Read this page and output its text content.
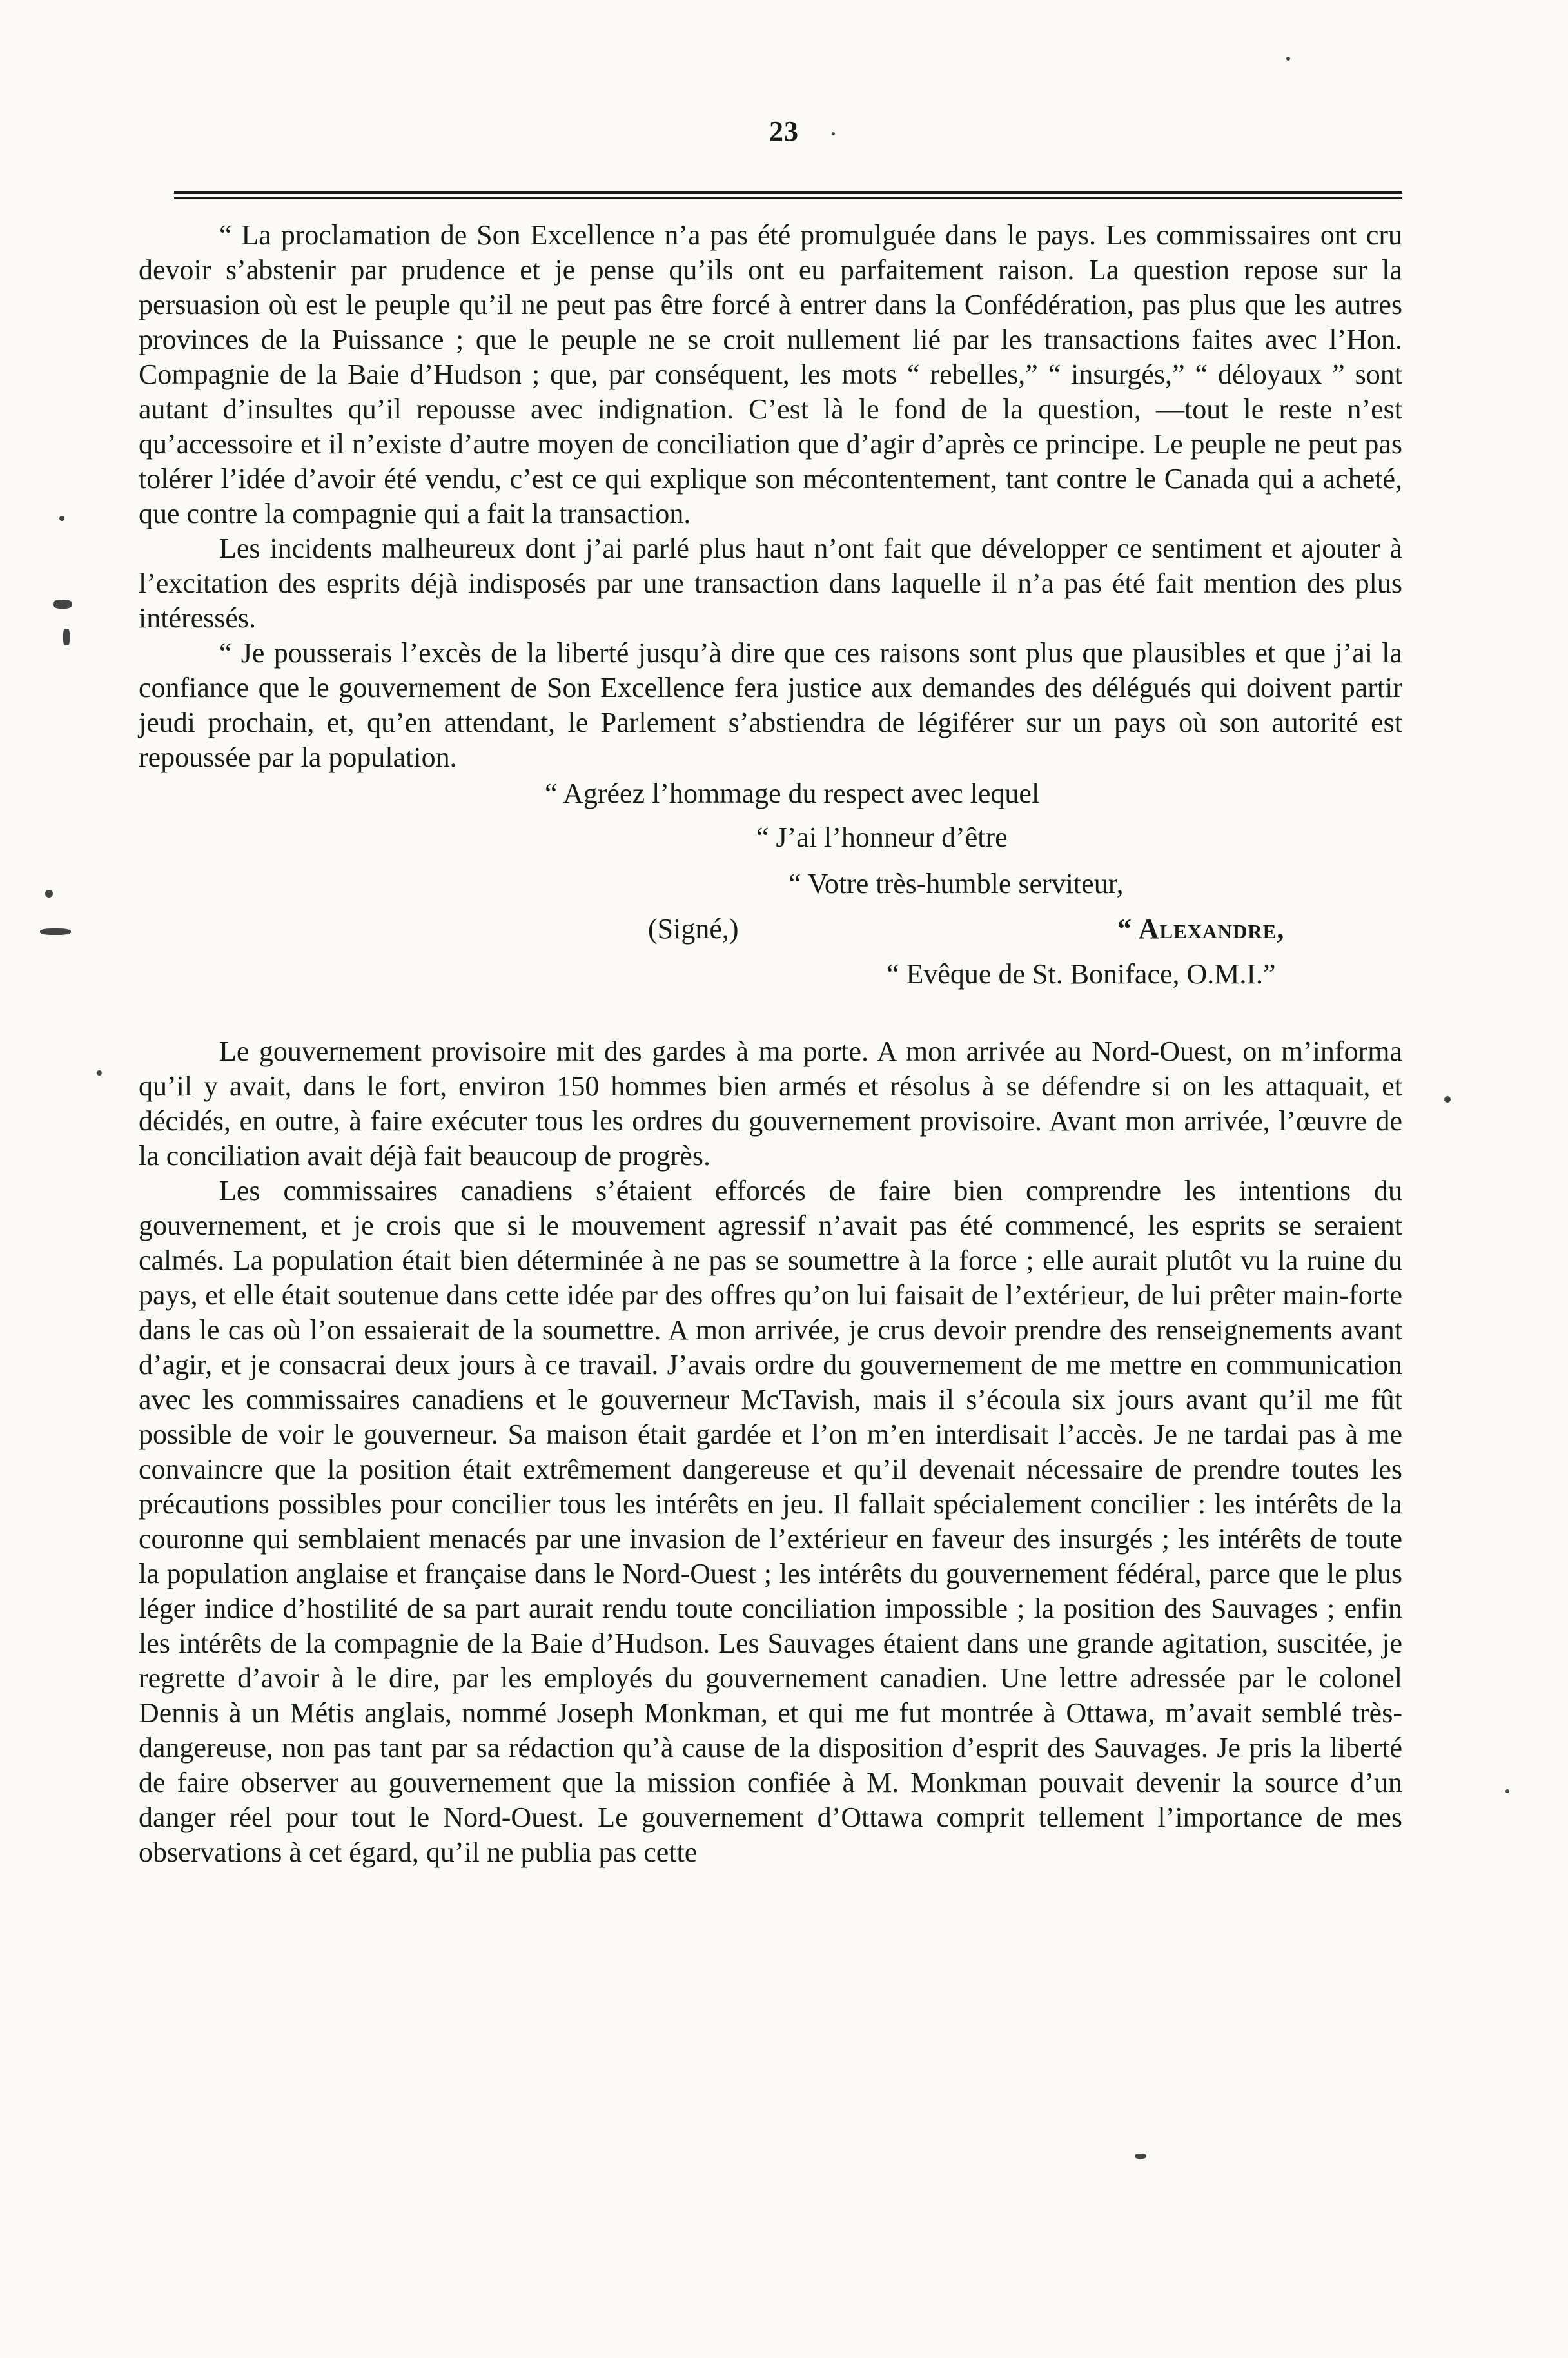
23

“ La proclamation de Son Excellence n’a pas été promulguée dans le pays. Les commissaires ont cru devoir s’abstenir par prudence et je pense qu’ils ont eu parfaitement raison. La question repose sur la persuasion où est le peuple qu’il ne peut pas être forcé à entrer dans la Confédération, pas plus que les autres provinces de la Puissance ; que le peuple ne se croit nullement lié par les transactions faites avec l’Hon. Compagnie de la Baie d’Hudson ; que, par conséquent, les mots “ rebelles,” “ insurgés,” “ déloyaux ” sont autant d’insultes qu’il repousse avec indignation. C’est là le fond de la question, —tout le reste n’est qu’accessoire et il n’existe d’autre moyen de conciliation que d’agir d’après ce principe. Le peuple ne peut pas tolérer l’idée d’avoir été vendu, c’est ce qui explique son mécontentement, tant contre le Canada qui a acheté, que contre la compagnie qui a fait la transaction.

Les incidents malheureux dont j’ai parlé plus haut n’ont fait que développer ce sentiment et ajouter à l’excitation des esprits déjà indisposés par une transaction dans laquelle il n’a pas été fait mention des plus intéressés.

“ Je pousserais l’excès de la liberté jusqu’à dire que ces raisons sont plus que plausibles et que j’ai la confiance que le gouvernement de Son Excellence fera justice aux demandes des délégués qui doivent partir jeudi prochain, et, qu’en attendant, le Parlement s’abstiendra de légiférer sur un pays où son autorité est repoussée par la population.

“ Agréez l’hommage du respect avec lequel
“ J’ai l’honneur d’être
“ Votre très-humble serviteur,
(Signé,)	“ Alexandre,
“ Evêque de St. Boniface, O.M.I.”

Le gouvernement provisoire mit des gardes à ma porte. A mon arrivée au Nord-Ouest, on m’informa qu’il y avait, dans le fort, environ 150 hommes bien armés et résolus à se défendre si on les attaquait, et décidés, en outre, à faire exécuter tous les ordres du gouvernement provisoire. Avant mon arrivée, l’œuvre de la conciliation avait déjà fait beaucoup de progrès.

Les commissaires canadiens s’étaient efforcés de faire bien comprendre les intentions du gouvernement, et je crois que si le mouvement agressif n’avait pas été commencé, les esprits se seraient calmés. La population était bien déterminée à ne pas se soumettre à la force ; elle aurait plutôt vu la ruine du pays, et elle était soutenue dans cette idée par des offres qu’on lui faisait de l’extérieur, de lui prêter main-forte dans le cas où l’on essaierait de la soumettre. A mon arrivée, je crus devoir prendre des renseignements avant d’agir, et je consacrai deux jours à ce travail. J’avais ordre du gouvernement de me mettre en communication avec les commissaires canadiens et le gouverneur McTavish, mais il s’écoula six jours avant qu’il me fût possible de voir le gouverneur. Sa maison était gardée et l’on m’en interdisait l’accès. Je ne tardai pas à me convaincre que la position était extrêmement dangereuse et qu’il devenait nécessaire de prendre toutes les précautions possibles pour concilier tous les intérêts en jeu. Il fallait spécialement concilier : les intérêts de la couronne qui semblaient menacés par une invasion de l’extérieur en faveur des insurgés ; les intérêts de toute la population anglaise et française dans le Nord-Ouest ; les intérêts du gouvernement fédéral, parce que le plus léger indice d’hostilité de sa part aurait rendu toute conciliation impossible ; la position des Sauvages ; enfin les intérêts de la compagnie de la Baie d’Hudson. Les Sauvages étaient dans une grande agitation, suscitée, je regrette d’avoir à le dire, par les employés du gouvernement canadien. Une lettre adressée par le colonel Dennis à un Métis anglais, nommé Joseph Monkman, et qui me fut montrée à Ottawa, m’avait semblé très-dangereuse, non pas tant par sa rédaction qu’à cause de la disposition d’esprit des Sauvages. Je pris la liberté de faire observer au gouvernement que la mission confiée à M. Monkman pouvait devenir la source d’un danger réel pour tout le Nord-Ouest. Le gouvernement d’Ottawa comprit tellement l’importance de mes observations à cet égard, qu’il ne publia pas cette
